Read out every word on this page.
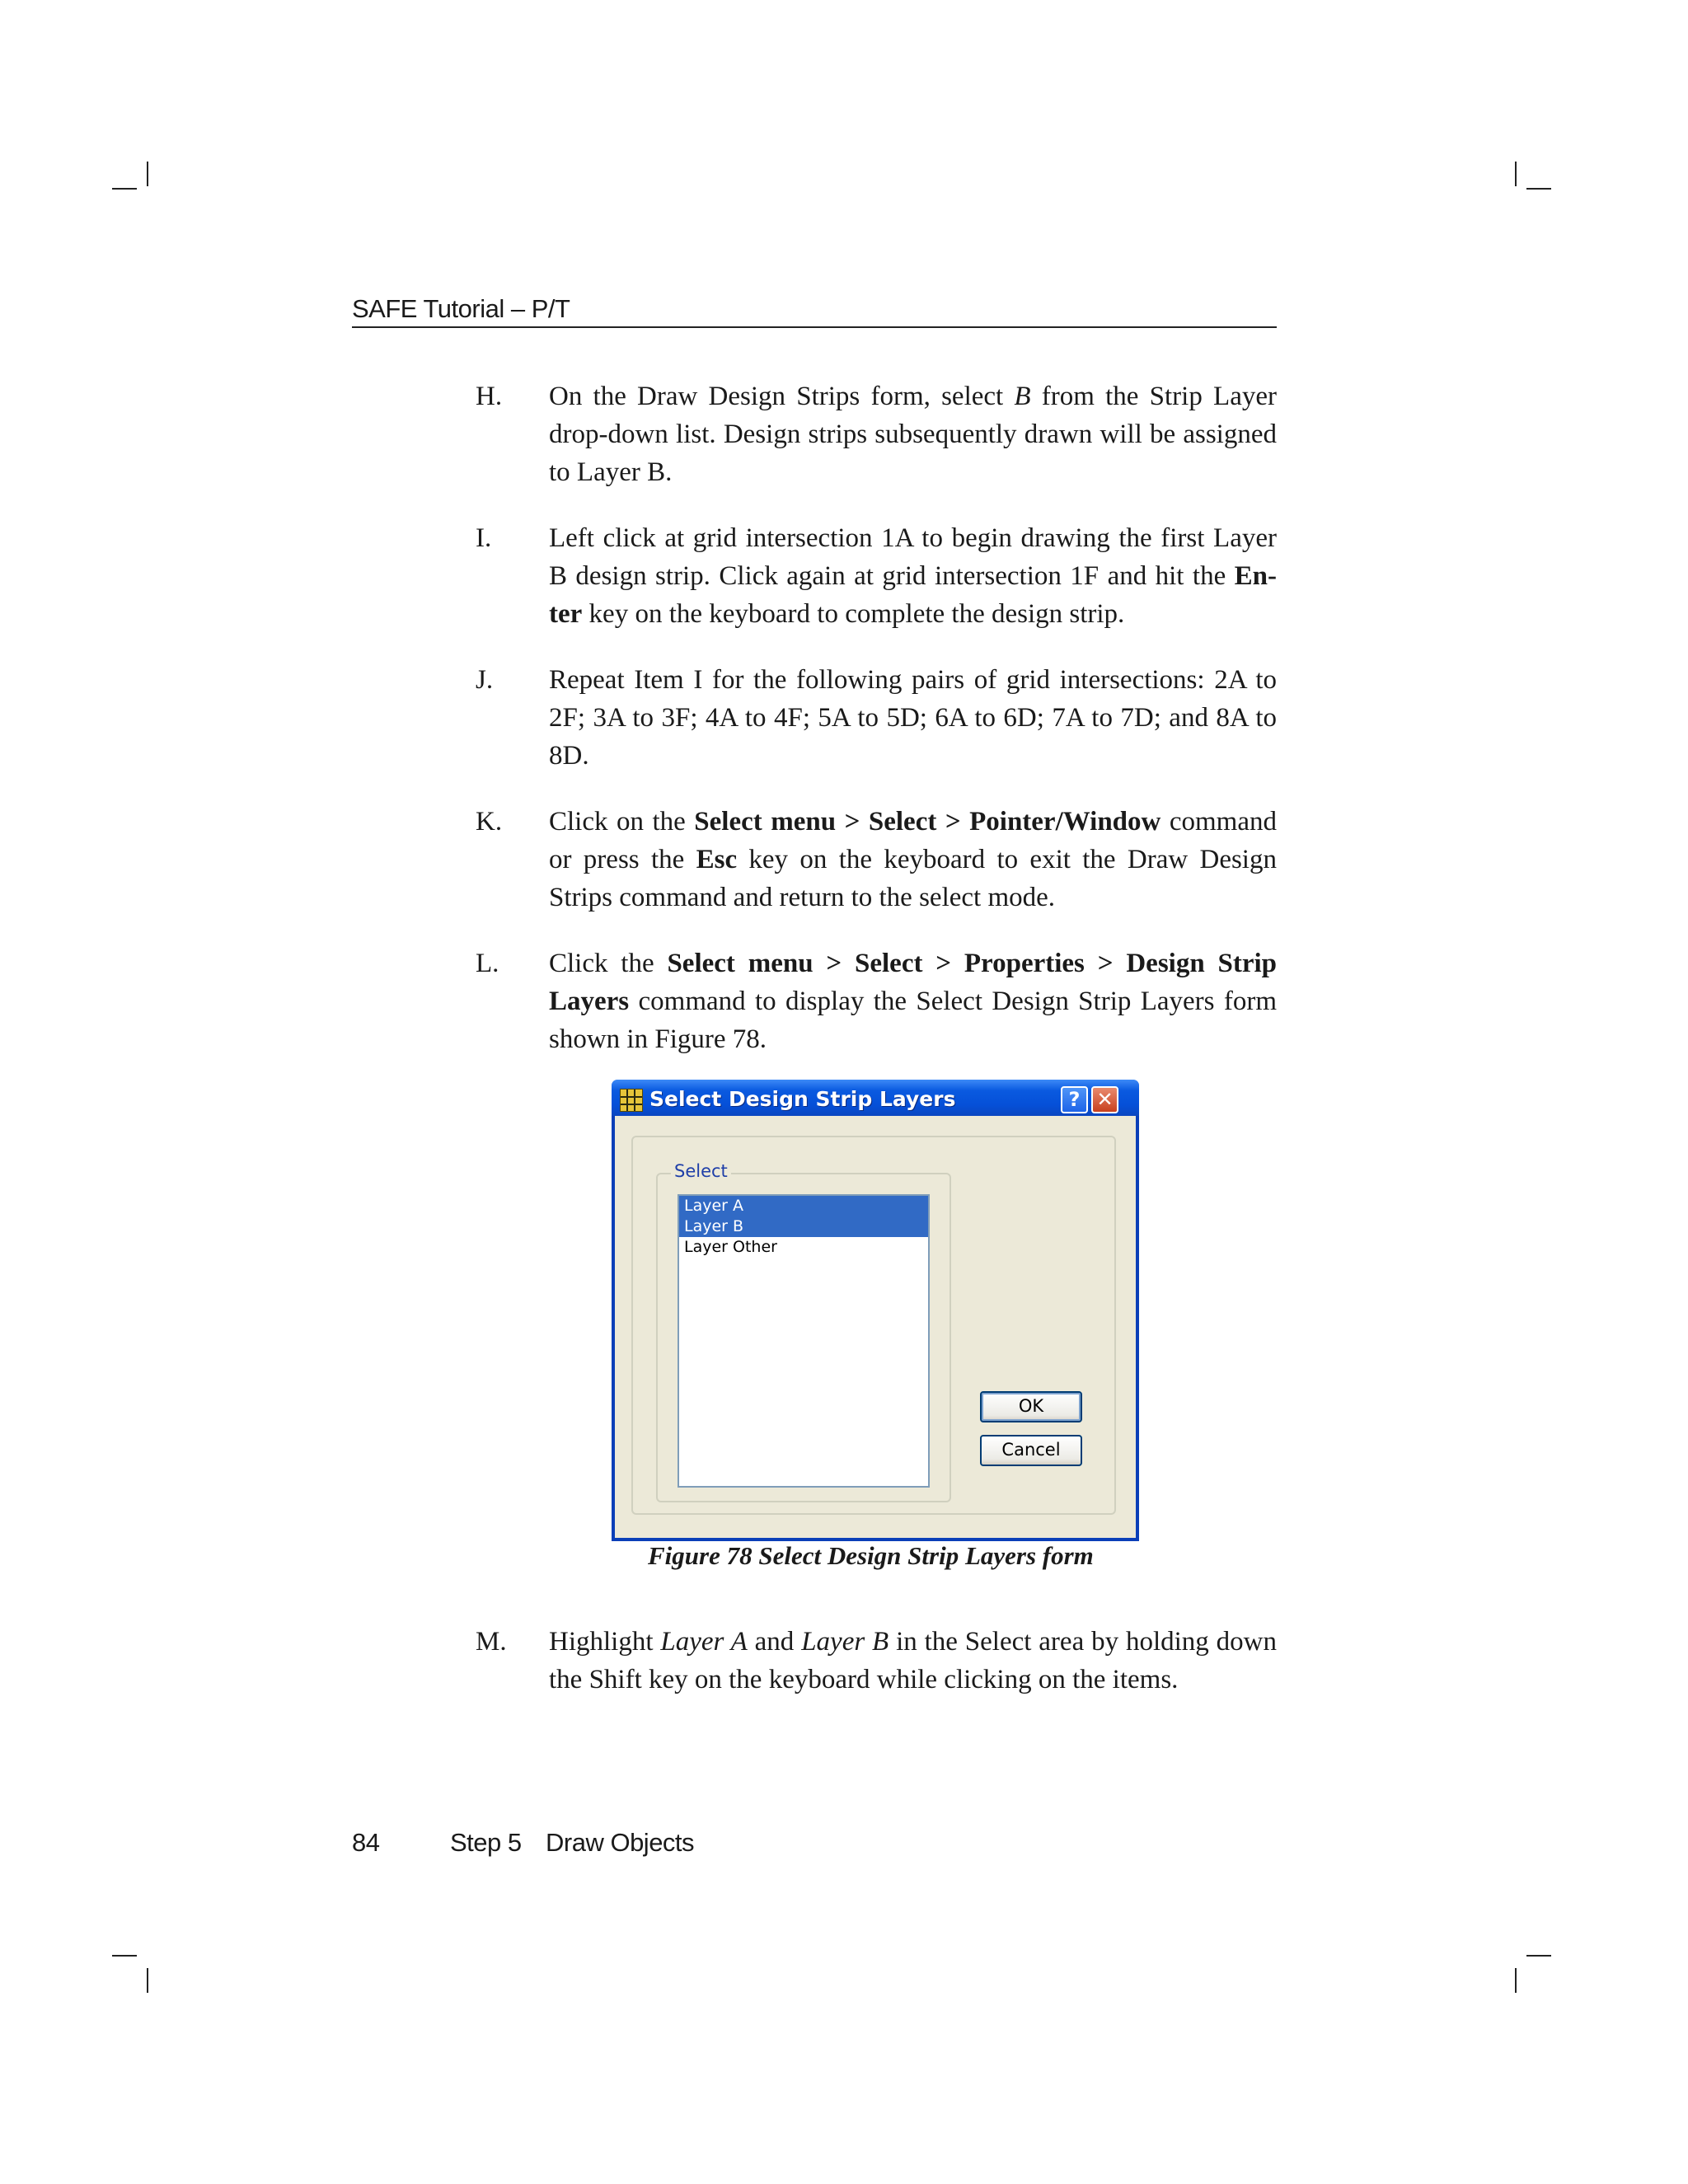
SAFE Tutorial – P/T
H. On the Draw Design Strips form, select B from the Strip Layer drop-down list. Design strips subsequently drawn will be assigned to Layer B.
I. Left click at grid intersection 1A to begin drawing the first Layer B design strip. Click again at grid intersection 1F and hit the En-ter key on the keyboard to complete the design strip.
J. Repeat Item I for the following pairs of grid intersections: 2A to 2F; 3A to 3F; 4A to 4F; 5A to 5D; 6A to 6D; 7A to 7D; and 8A to 8D.
K. Click on the Select menu > Select > Pointer/Window command or press the Esc key on the keyboard to exit the Draw Design Strips command and return to the select mode.
L. Click the Select menu > Select > Properties > Design Strip Layers command to display the Select Design Strip Layers form shown in Figure 78.
Select Design Strip Layers	? ✕
Select
Layer A
Layer B
Layer Other
OK
Cancel
Figure 78 Select Design Strip Layers form
M. Highlight Layer A and Layer B in the Select area by holding down the Shift key on the keyboard while clicking on the items.
84	Step 5 Draw Objects
